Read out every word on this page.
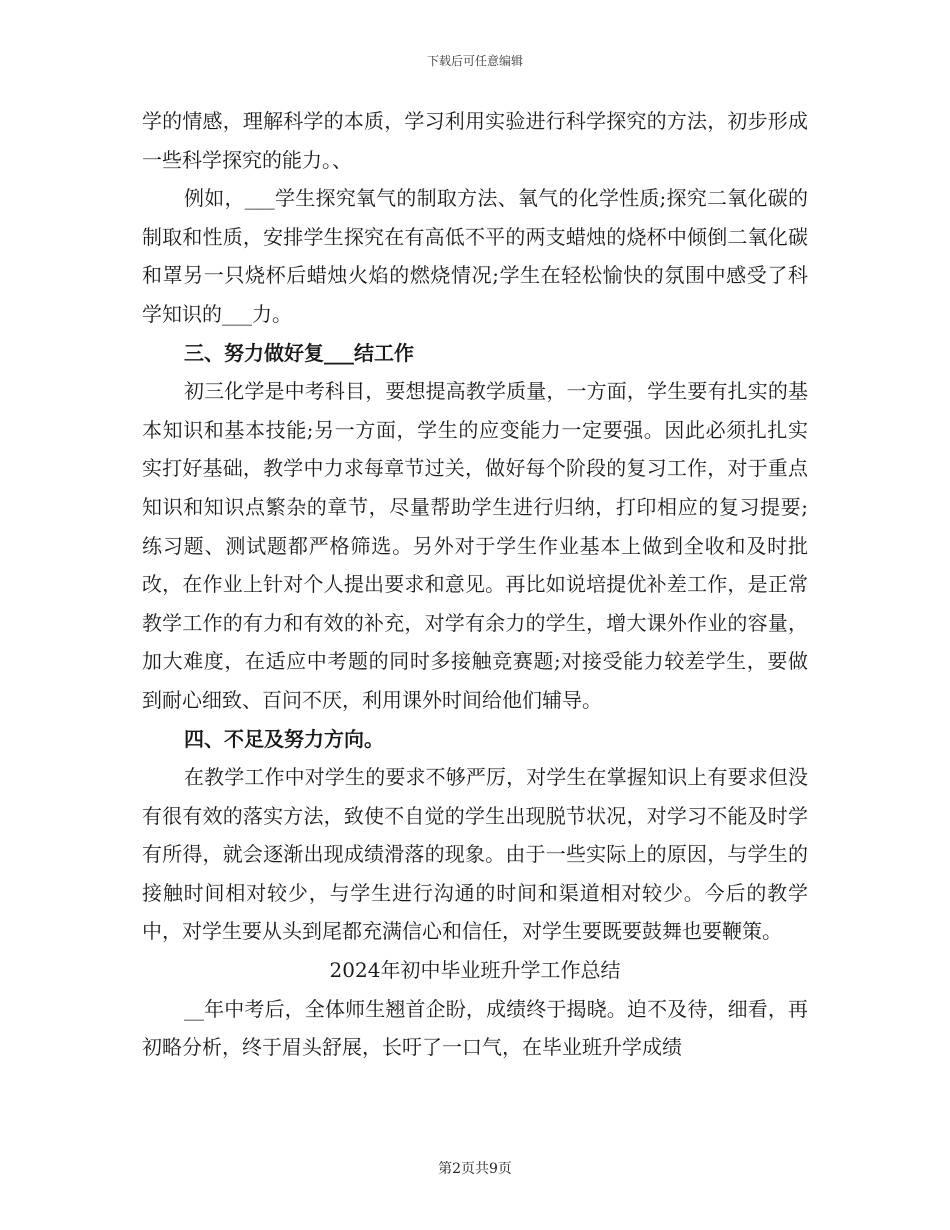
下载后可任意编辑

学的情感，理解科学的本质，学习利用实验进行科学探究的方法，初步形成一些科学探究的能力。、

例如，___学生探究氧气的制取方法、氧气的化学性质;探究二氧化碳的制取和性质，安排学生探究在有高低不平的两支蜡烛的烧杯中倾倒二氧化碳和罩另一只烧杯后蜡烛火焰的燃烧情况;学生在轻松愉快的氛围中感受了科学知识的___力。

三、努力做好复___结工作

初三化学是中考科目，要想提高教学质量，一方面，学生要有扎实的基本知识和基本技能;另一方面，学生的应变能力一定要强。因此必须扎扎实实打好基础，教学中力求每章节过关，做好每个阶段的复习工作，对于重点知识和知识点繁杂的章节，尽量帮助学生进行归纳，打印相应的复习提要;练习题、测试题都严格筛选。另外对于学生作业基本上做到全收和及时批改，在作业上针对个人提出要求和意见。再比如说培提优补差工作，是正常教学工作的有力和有效的补充，对学有余力的学生，增大课外作业的容量，加大难度，在适应中考题的同时多接触竞赛题;对接受能力较差学生，要做到耐心细致、百问不厌，利用课外时间给他们辅导。

四、不足及努力方向。

在教学工作中对学生的要求不够严厉，对学生在掌握知识上有要求但没有很有效的落实方法，致使不自觉的学生出现脱节状况，对学习不能及时学有所得，就会逐渐出现成绩滑落的现象。由于一些实际上的原因，与学生的接触时间相对较少，与学生进行沟通的时间和渠道相对较少。今后的教学中，对学生要从头到尾都充满信心和信任，对学生要既要鼓舞也要鞭策。

2024年初中毕业班升学工作总结

__年中考后，全体师生翘首企盼，成绩终于揭晓。迫不及待，细看，再初略分析，终于眉头舒展，长吁了一口气，在毕业班升学成绩

第2页共9页
